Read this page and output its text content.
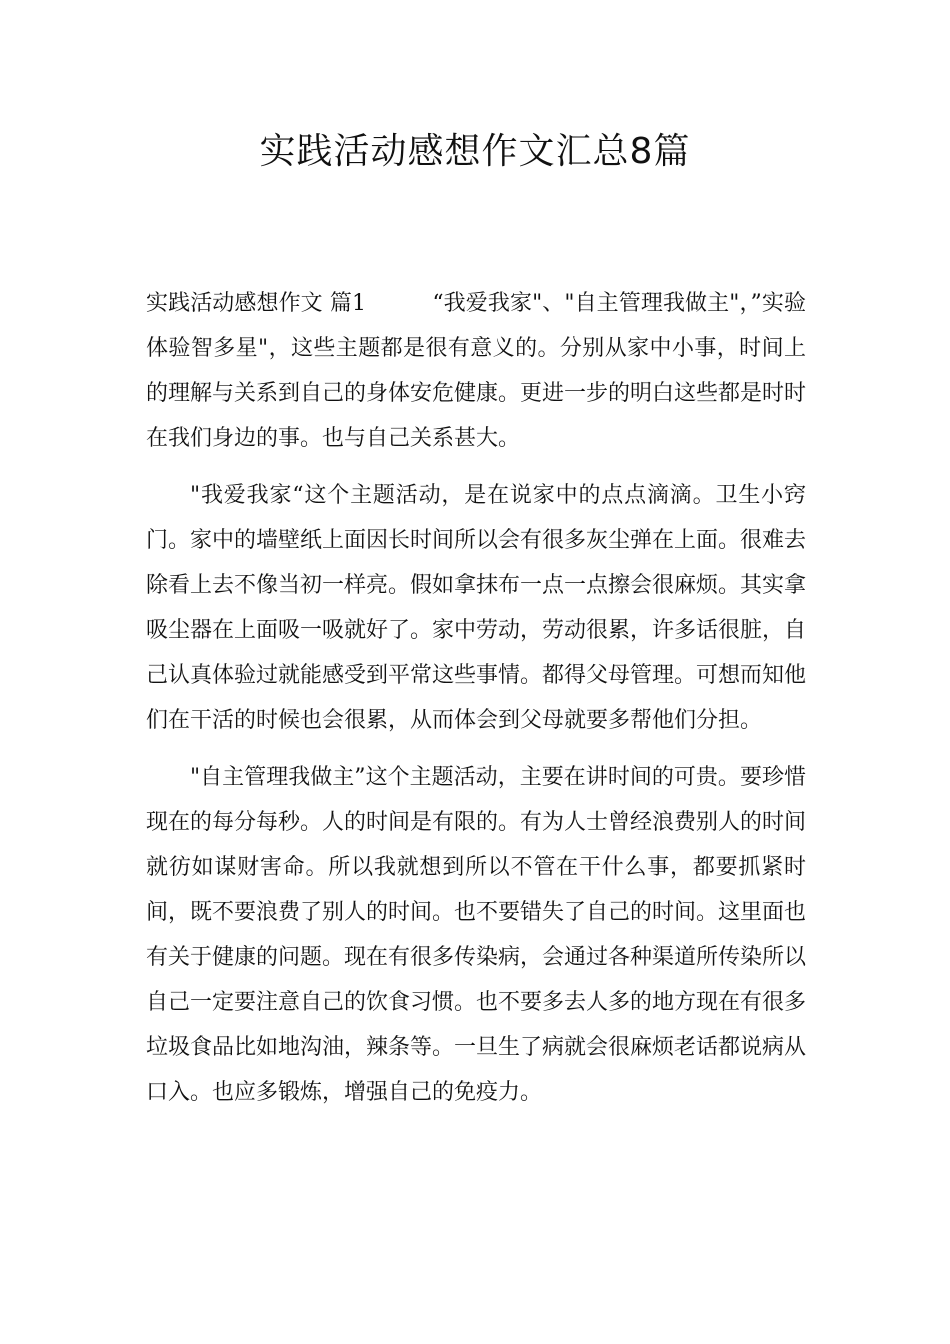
实践活动感想作文汇总8篇

实践活动感想作文 篇1　　　	“我爱我家"、"自主管理我做主"，”实验体验智多星"，这些主题都是很有意义的。分别从家中小事，时间上的理解与关系到自己的身体安危健康。更进一步的明白这些都是时时在我们身边的事。也与自己关系甚大。

"我爱我家“这个主题活动，是在说家中的点点滴滴。卫生小窍门。家中的墙壁纸上面因长时间所以会有很多灰尘弹在上面。很难去除看上去不像当初一样亮。假如拿抹布一点一点擦会很麻烦。其实拿吸尘器在上面吸一吸就好了。家中劳动，劳动很累，许多话很脏，自己认真体验过就能感受到平常这些事情。都得父母管理。可想而知他们在干活的时候也会很累，从而体会到父母就要多帮他们分担。

"自主管理我做主”这个主题活动，主要在讲时间的可贵。要珍惜现在的每分每秒。人的时间是有限的。有为人士曾经浪费别人的时间就彷如谋财害命。所以我就想到所以不管在干什么事，都要抓紧时间，既不要浪费了别人的时间。也不要错失了自己的时间。这里面也有关于健康的问题。现在有很多传染病，会通过各种渠道所传染所以自己一定要注意自己的饮食习惯。也不要多去人多的地方现在有很多垃圾食品比如地沟油，辣条等。一旦生了病就会很麻烦老话都说病从口入。也应多锻炼，增强自己的免疫力。
